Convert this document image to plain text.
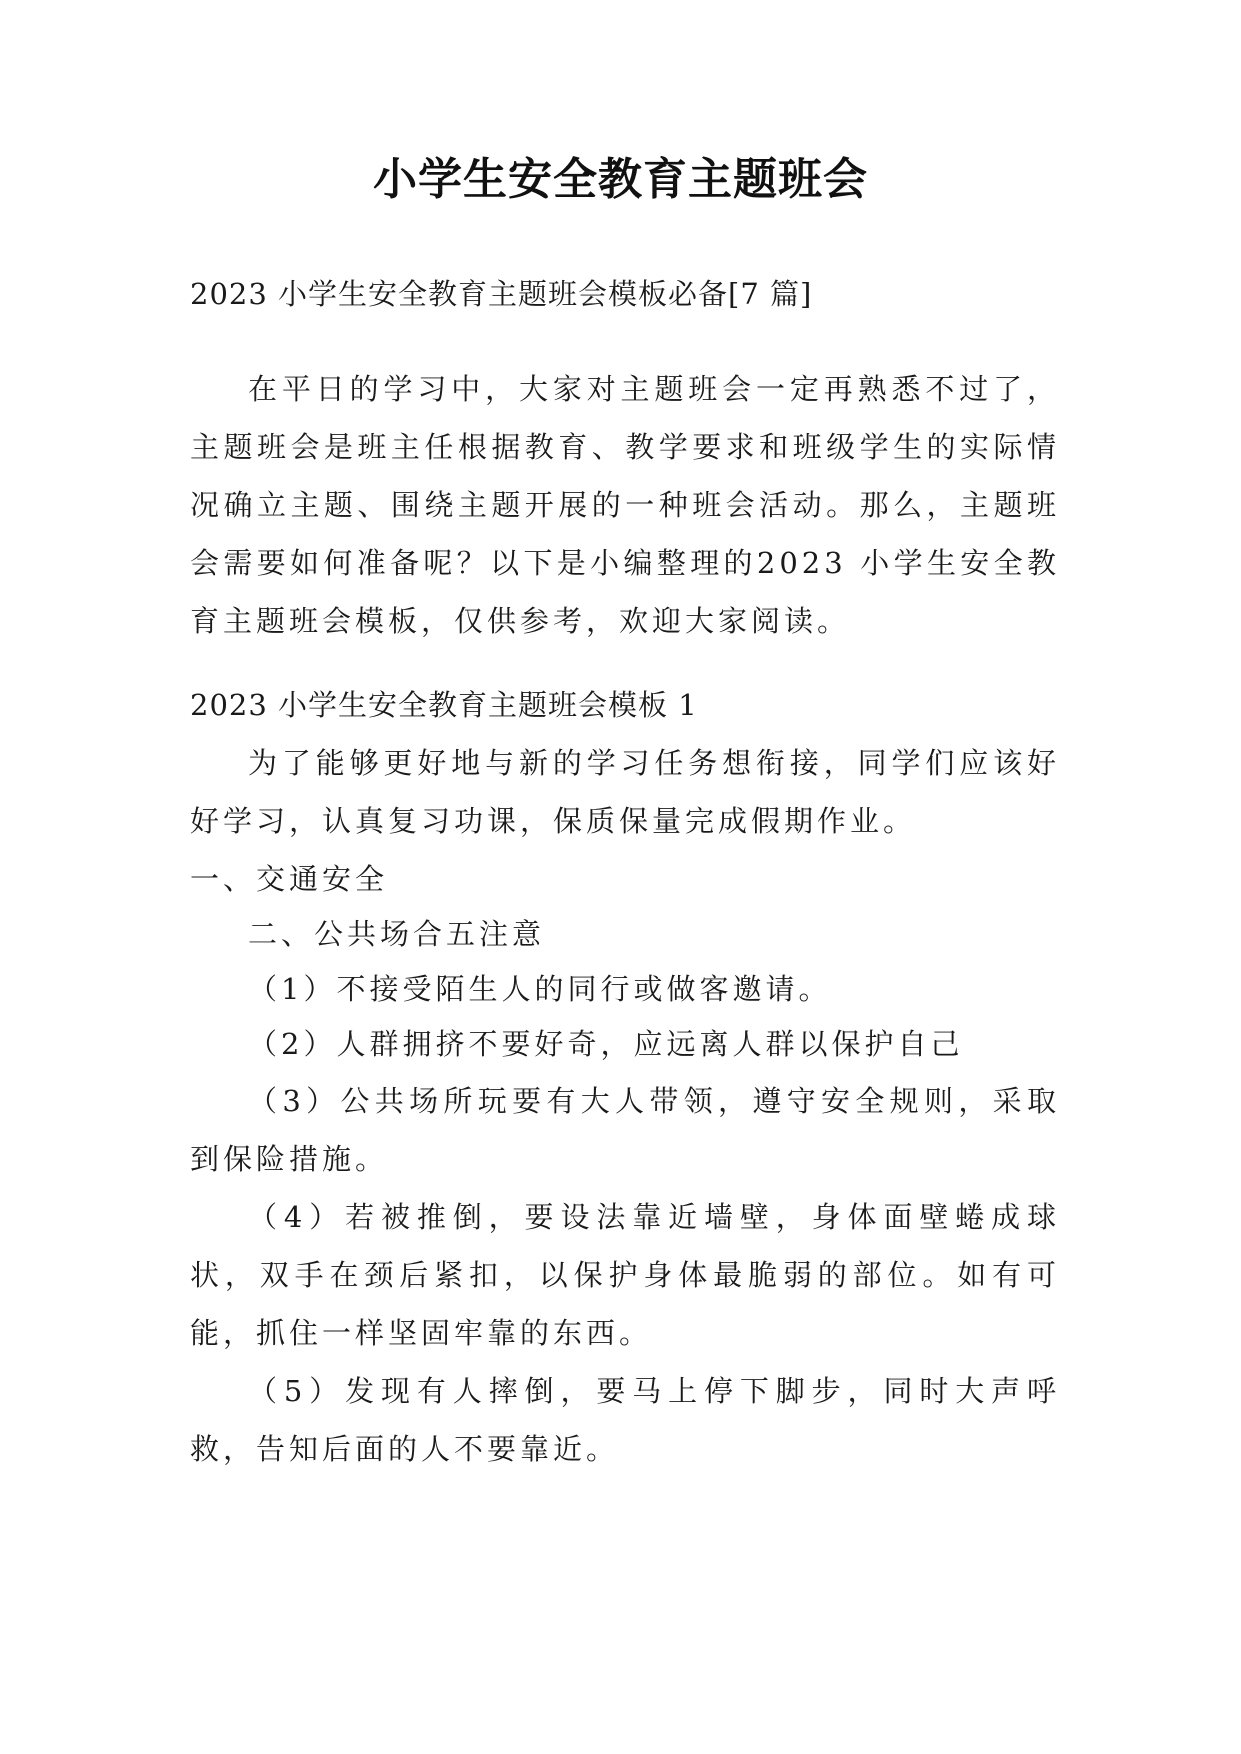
小学生安全教育主题班会
2023 小学生安全教育主题班会模板必备[7 篇]

在平日的学习中，大家对主题班会一定再熟悉不过了，主题班会是班主任根据教育、教学要求和班级学生的实际情况确立主题、围绕主题开展的一种班会活动。那么，主题班会需要如何准备呢？以下是小编整理的2023 小学生安全教育主题班会模板，仅供参考，欢迎大家阅读。

2023 小学生安全教育主题班会模板 1

为了能够更好地与新的学习任务想衔接，同学们应该好好学习，认真复习功课，保质保量完成假期作业。

一、交通安全
二、公共场合五注意

（1）不接受陌生人的同行或做客邀请。

（2）人群拥挤不要好奇，应远离人群以保护自己

（3）公共场所玩要有大人带领，遵守安全规则，采取到保险措施。

（4）若被推倒，要设法靠近墙壁，身体面壁蜷成球状，双手在颈后紧扣，以保护身体最脆弱的部位。如有可能，抓住一样坚固牢靠的东西。

（5）发现有人摔倒，要马上停下脚步，同时大声呼救，告知后面的人不要靠近。
